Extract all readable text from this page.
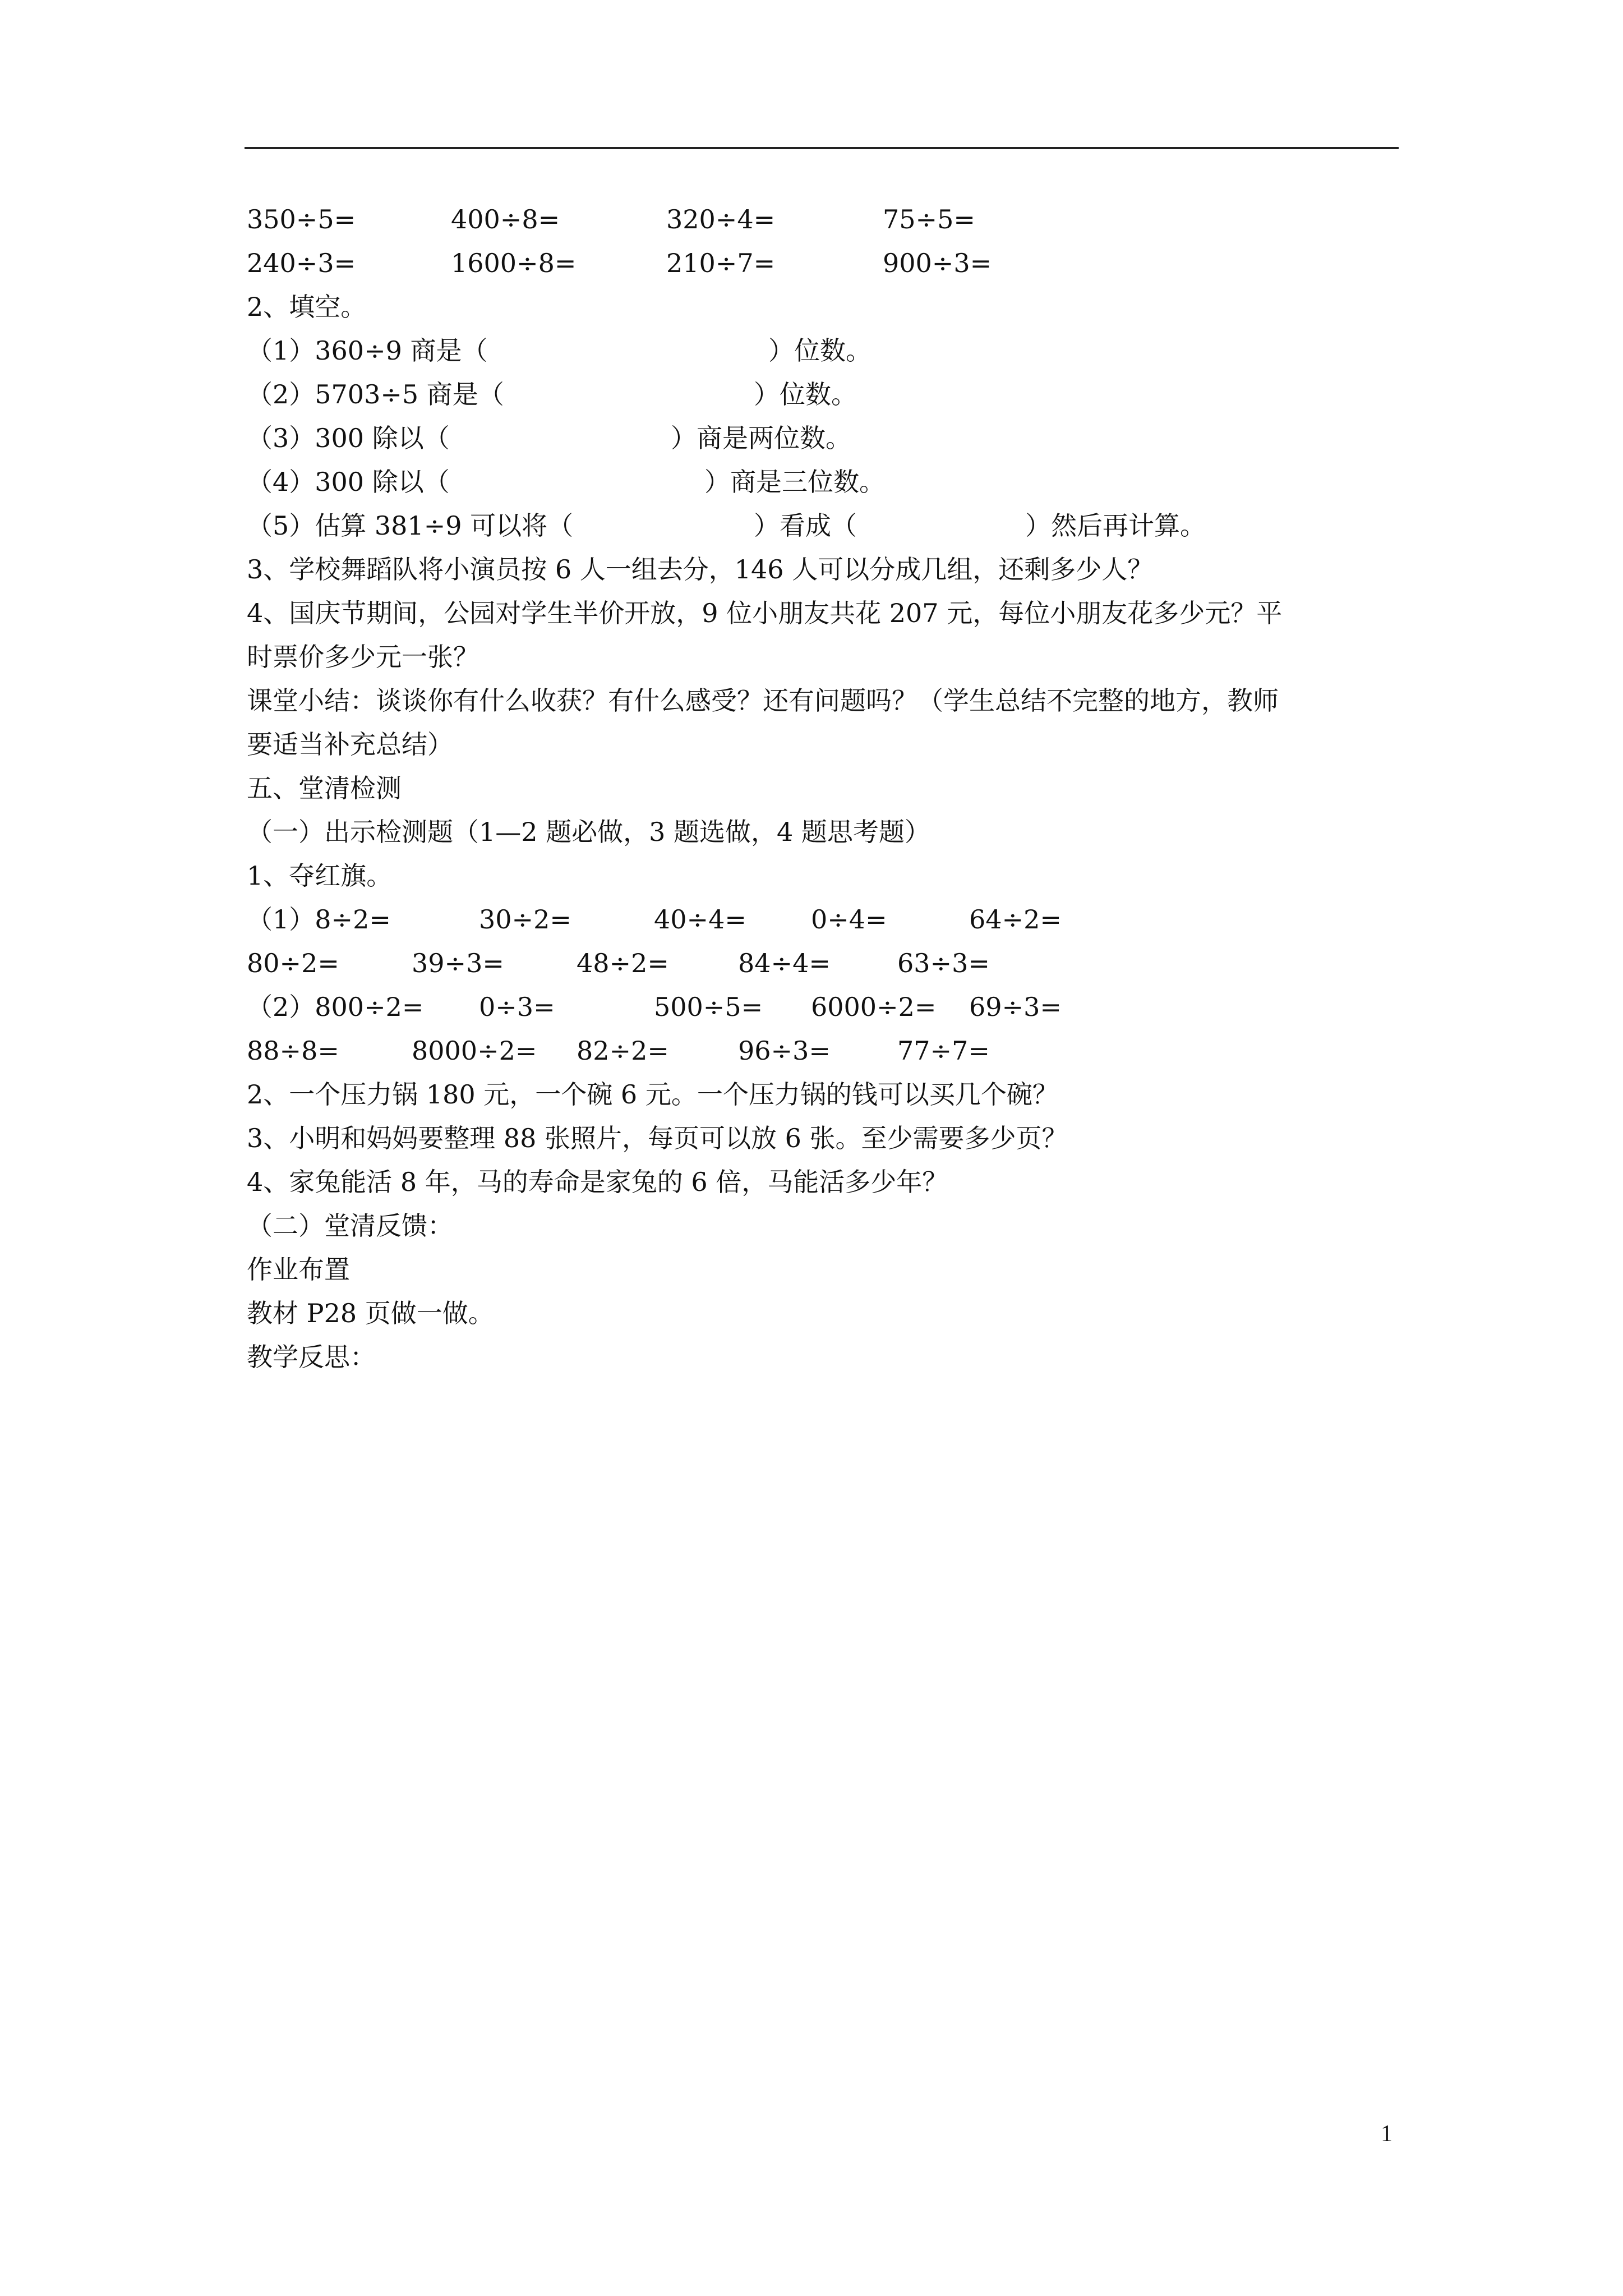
350÷5=	400÷8=	320÷4=	75÷5=
240÷3=	1600÷8=	210÷7=	900÷3=
2、填空。
（1）360÷9 商是（	）位数。
（2）5703÷5 商是（	）位数。
（3）300 除以（	）商是两位数。
（4）300 除以（	）商是三位数。
（5）估算 381÷9 可以将（	）看成（	）然后再计算。
3、学校舞蹈队将小演员按 6 人一组去分，146 人可以分成几组，还剩多少人？
4、国庆节期间，公园对学生半价开放，9 位小朋友共花 207 元，每位小朋友花多少元？平
时票价多少元一张？
课堂小结：谈谈你有什么收获？有什么感受？还有问题吗？（学生总结不完整的地方，教师
要适当补充总结）
五、堂清检测
（一）出示检测题（1—2 题必做，3 题选做，4 题思考题）
1、夺红旗。
（1）8÷2=	30÷2=	40÷4=	0÷4=	64÷2=
80÷2=	39÷3=	48÷2=	84÷4=	63÷3=
（2）800÷2= 0÷3=	500÷5= 6000÷2= 69÷3=
88÷8=	8000÷2= 82÷2=	96÷3=	77÷7=
2、一个压力锅 180 元，一个碗 6 元。一个压力锅的钱可以买几个碗？
3、小明和妈妈要整理 88 张照片，每页可以放 6 张。至少需要多少页？
4、家兔能活 8 年，马的寿命是家兔的 6 倍，马能活多少年？
（二）堂清反馈：
作业布置
教材 P28 页做一做。
教学反思：
1
